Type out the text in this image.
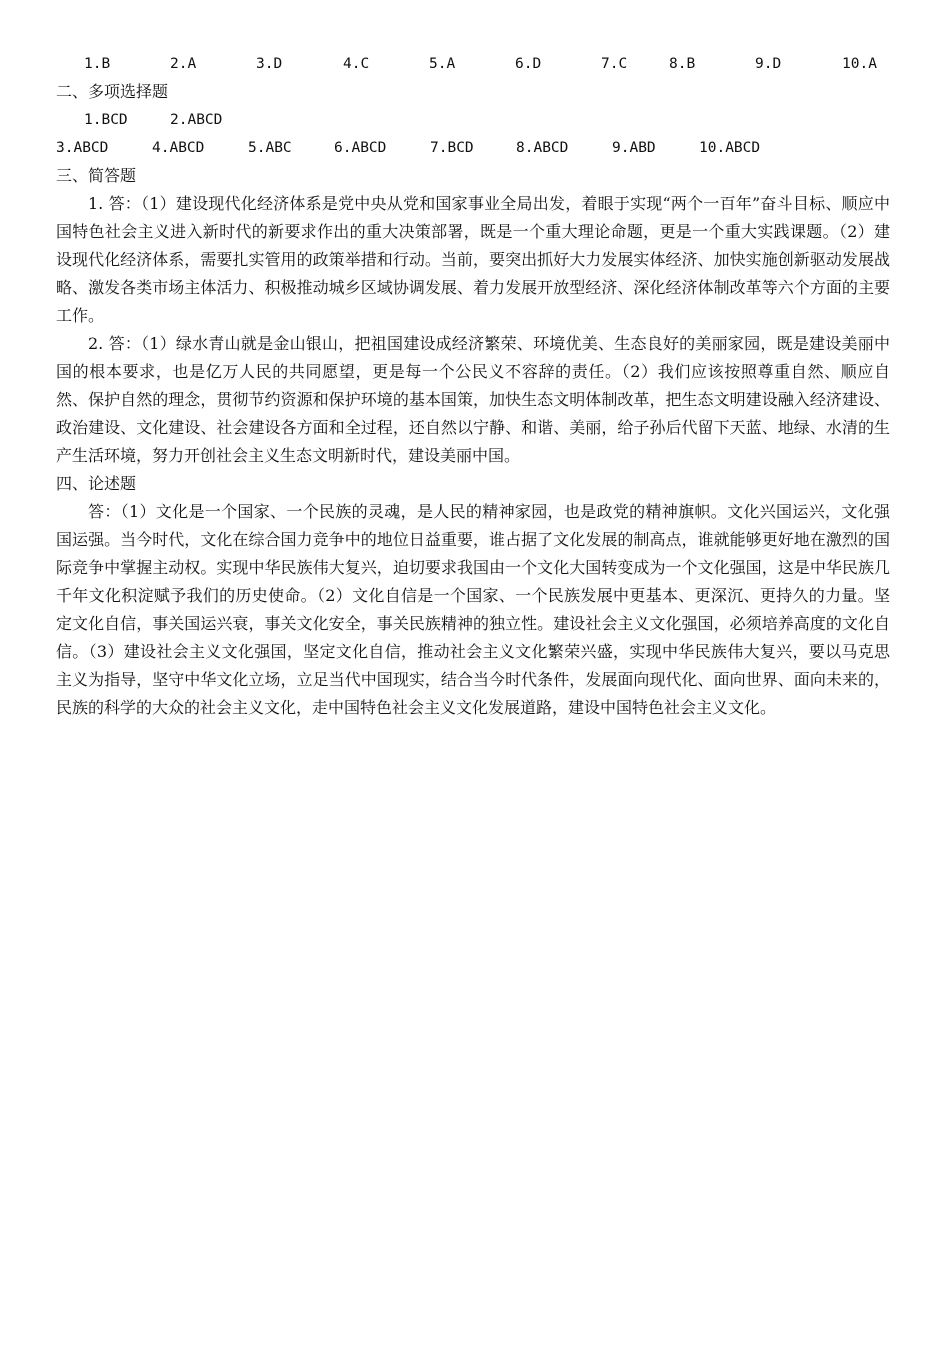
1.B	2.A	3.D	4.C	5.A	6.D	7.C	8.B	9.D	10.A
二、多项选择题
1.BCD	2.ABCD
3.ABCD	4.ABCD	5.ABC	6.ABCD	7.BCD	8.ABCD	9.ABD	10.ABCD
三、简答题

1. 答：（1）建设现代化经济体系是党中央从党和国家事业全局出发，着眼于实现“两个一百年”奋斗目标、顺应中国特色社会主义进入新时代的新要求作出的重大决策部署，既是一个重大理论命题，更是一个重大实践课题。（2）建设现代化经济体系，需要扎实管用的政策举措和行动。当前，要突出抓好大力发展实体经济、加快实施创新驱动发展战略、激发各类市场主体活力、积极推动城乡区域协调发展、着力发展开放型经济、深化经济体制改革等六个方面的主要工作。

2. 答：（1）绿水青山就是金山银山，把祖国建设成经济繁荣、环境优美、生态良好的美丽家园，既是建设美丽中国的根本要求，也是亿万人民的共同愿望，更是每一个公民义不容辞的责任。（2）我们应该按照尊重自然、顺应自然、保护自然的理念，贯彻节约资源和保护环境的基本国策，加快生态文明体制改革，把生态文明建设融入经济建设、政治建设、文化建设、社会建设各方面和全过程，还自然以宁静、和谐、美丽，给子孙后代留下天蓝、地绿、水清的生产生活环境，努力开创社会主义生态文明新时代，建设美丽中国。

四、论述题

答：（1）文化是一个国家、一个民族的灵魂，是人民的精神家园，也是政党的精神旗帜。文化兴国运兴，文化强国运强。当今时代，文化在综合国力竞争中的地位日益重要，谁占据了文化发展的制高点，谁就能够更好地在激烈的国际竞争中掌握主动权。实现中华民族伟大复兴，迫切要求我国由一个文化大国转变成为一个文化强国，这是中华民族几千年文化积淀赋予我们的历史使命。（2）文化自信是一个国家、一个民族发展中更基本、更深沉、更持久的力量。坚定文化自信，事关国运兴衰，事关文化安全，事关民族精神的独立性。建设社会主义文化强国，必须培养高度的文化自信。（3）建设社会主义文化强国，坚定文化自信，推动社会主义文化繁荣兴盛，实现中华民族伟大复兴，要以马克思主义为指导，坚守中华文化立场，立足当代中国现实，结合当今时代条件，发展面向现代化、面向世界、面向未来的，民族的科学的大众的社会主义文化，走中国特色社会主义文化发展道路，建设中国特色社会主义文化。
